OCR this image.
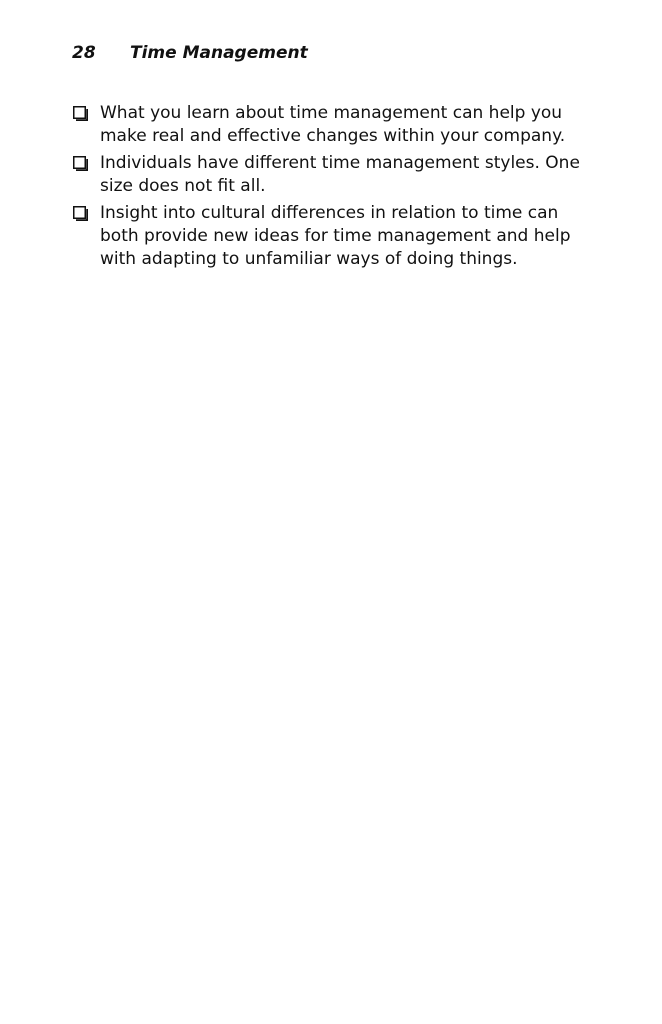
28 Time Management
What you learn about time management can help you make real and effective changes within your company.
Individuals have different time management styles. One size does not fit all.
Insight into cultural differences in relation to time can both provide new ideas for time management and help with adapting to unfamiliar ways of doing things.
